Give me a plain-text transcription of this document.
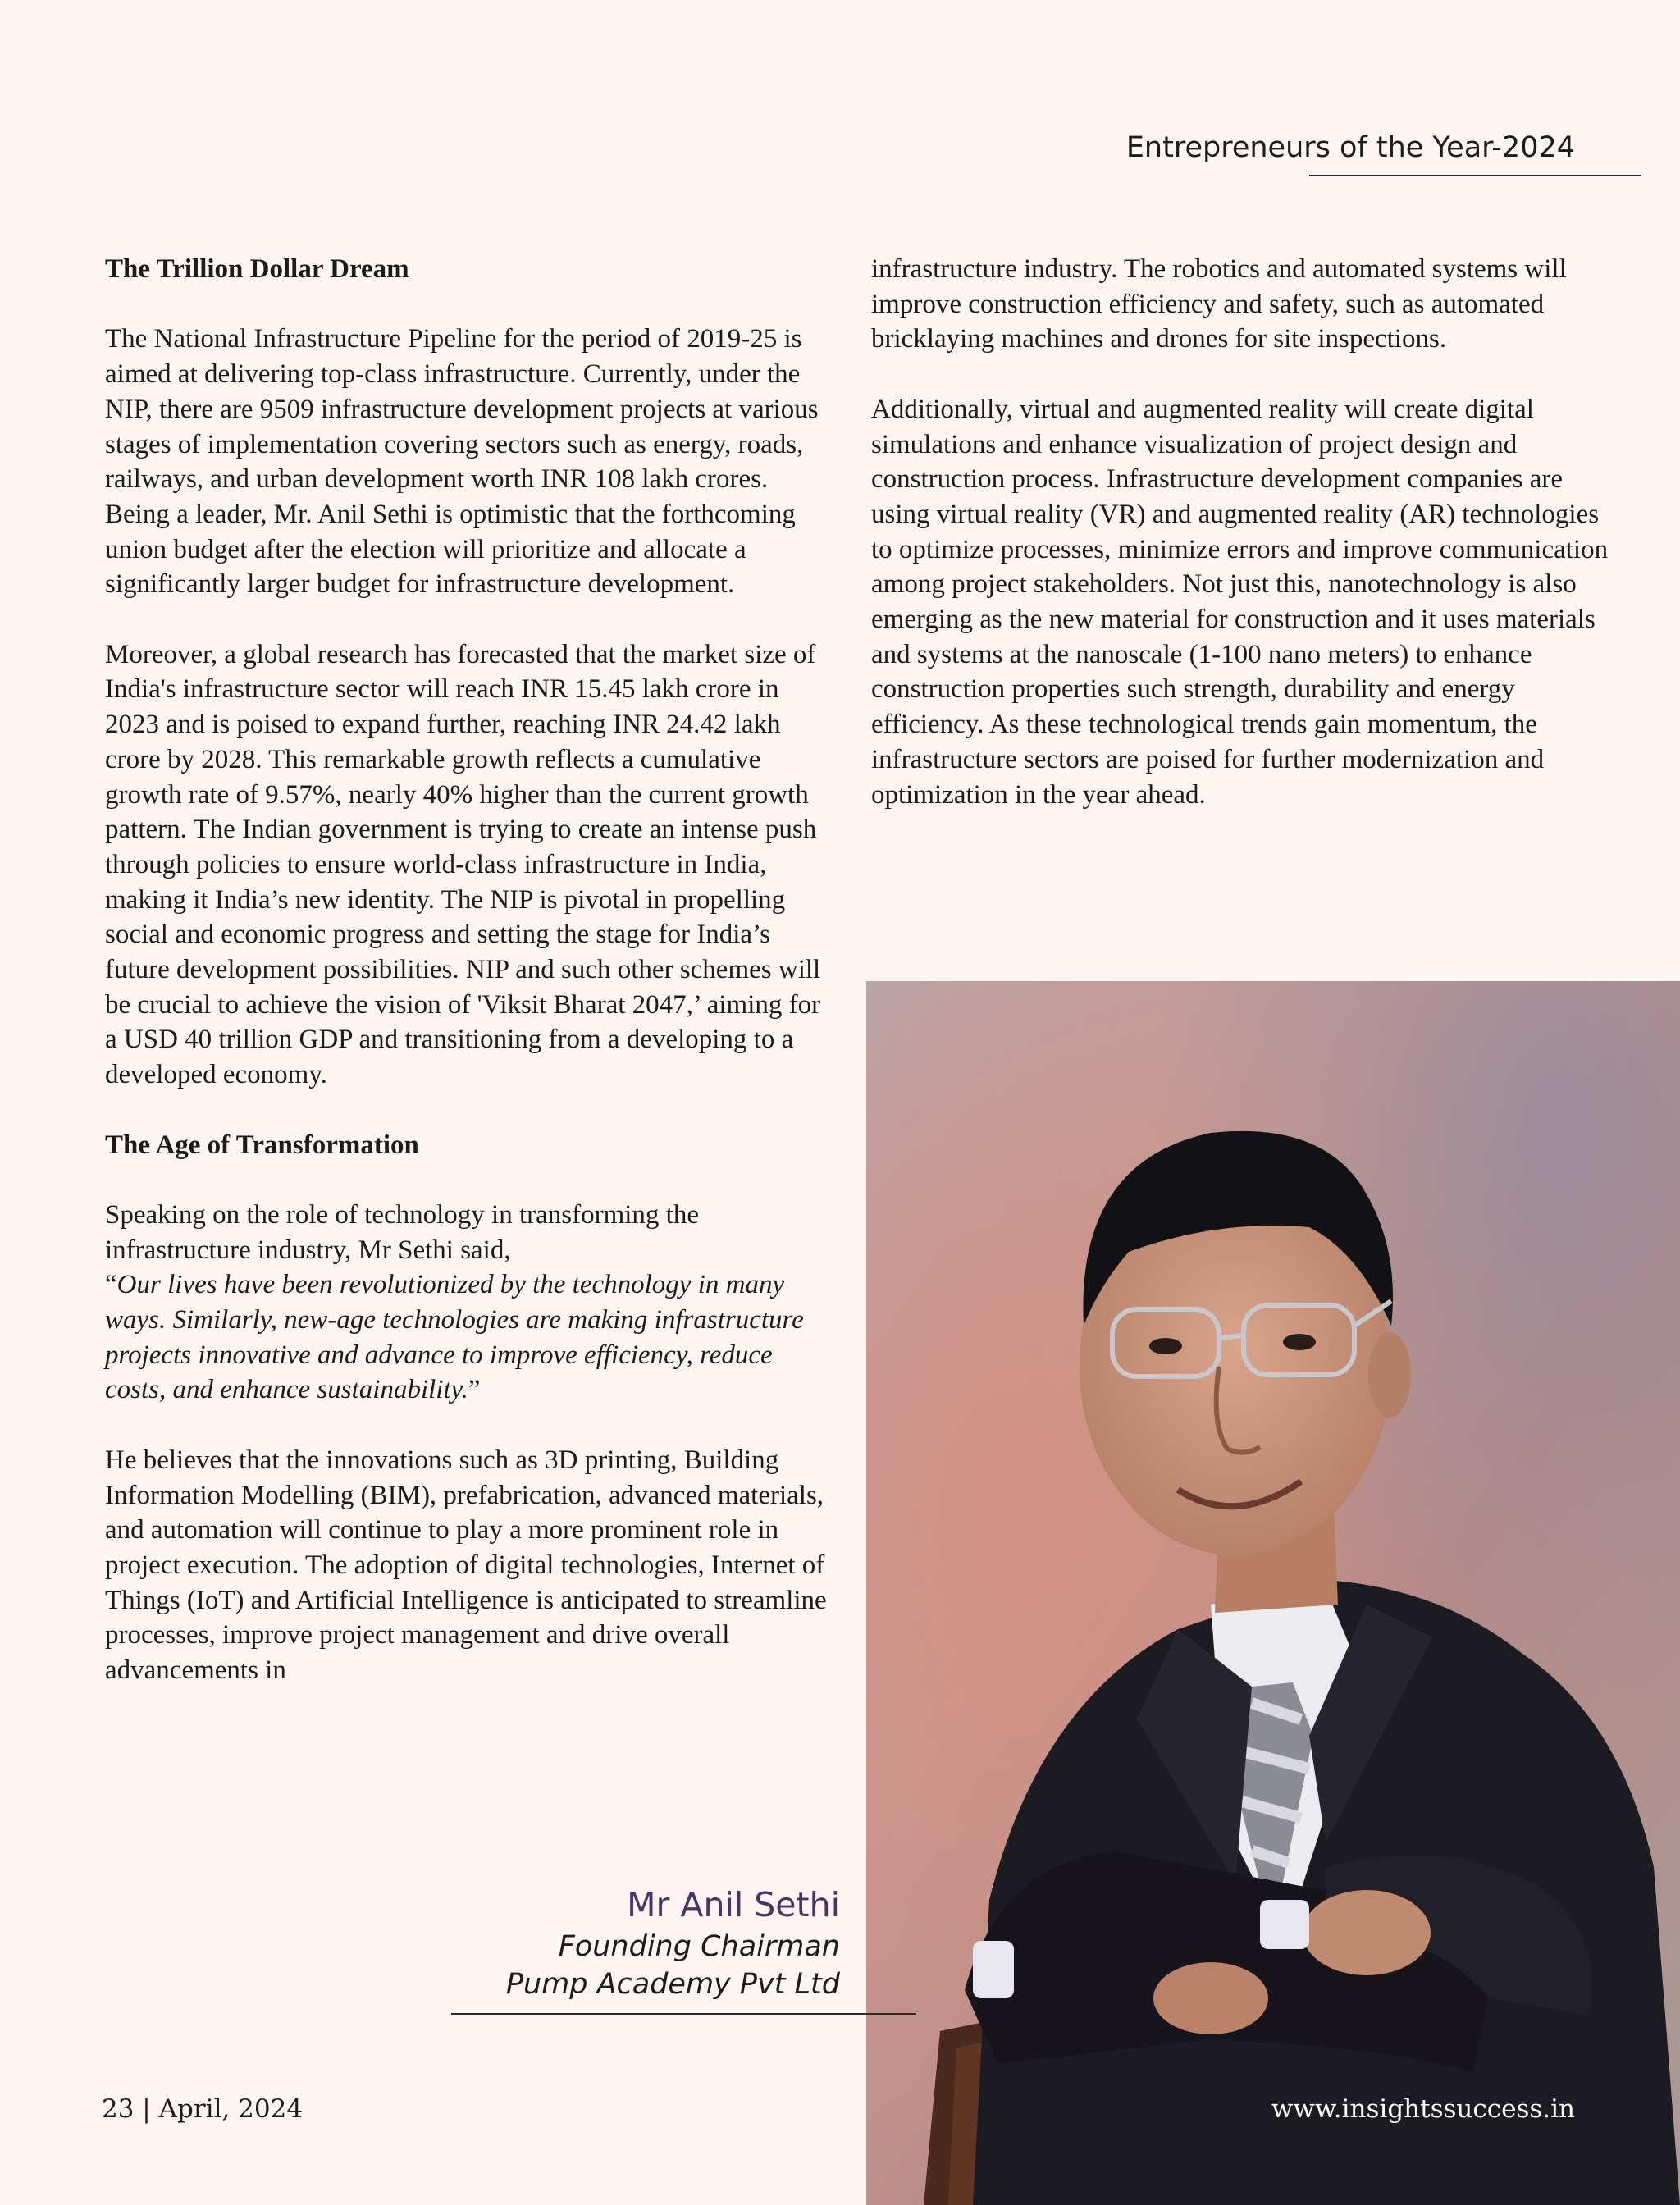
Entrepreneurs of the Year-2024
The Trillion Dollar Dream

The National Infrastructure Pipeline for the period of 2019-25 is aimed at delivering top-class infrastructure. Currently, under the NIP, there are 9509 infrastructure development projects at various stages of implementation covering sectors such as energy, roads, railways, and urban development worth INR 108 lakh crores. Being a leader, Mr. Anil Sethi is optimistic that the forthcoming union budget after the election will prioritize and allocate a significantly larger budget for infrastructure development.

Moreover, a global research has forecasted that the market size of India's infrastructure sector will reach INR 15.45 lakh crore in 2023 and is poised to expand further, reaching INR 24.42 lakh crore by 2028. This remarkable growth reflects a cumulative growth rate of 9.57%, nearly 40% higher than the current growth pattern. The Indian government is trying to create an intense push through policies to ensure world-class infrastructure in India, making it India’s new identity. The NIP is pivotal in propelling social and economic progress and setting the stage for India’s future development possibilities. NIP and such other schemes will be crucial to achieve the vision of 'Viksit Bharat 2047,’ aiming for a USD 40 trillion GDP and transitioning from a developing to a developed economy.

The Age of Transformation

Speaking on the role of technology in transforming the infrastructure industry, Mr Sethi said,

“Our lives have been revolutionized by the technology in many ways. Similarly, new-age technologies are making infrastructure projects innovative and advance to improve efficiency, reduce costs, and enhance sustainability.”

He believes that the innovations such as 3D printing, Building Information Modelling (BIM), prefabrication, advanced materials, and automation will continue to play a more prominent role in project execution. The adoption of digital technologies, Internet of Things (IoT) and Artificial Intelligence is anticipated to streamline processes, improve project management and drive overall advancements in

infrastructure industry. The robotics and automated systems will improve construction efficiency and safety, such as automated bricklaying machines and drones for site inspections.

Additionally, virtual and augmented reality will create digital simulations and enhance visualization of project design and construction process. Infrastructure development companies are using virtual reality (VR) and augmented reality (AR) technologies to optimize processes, minimize errors and improve communication among project stakeholders. Not just this, nanotechnology is also emerging as the new material for construction and it uses materials and systems at the nanoscale (1-100 nano meters) to enhance construction properties such strength, durability and energy efficiency. As these technological trends gain momentum, the infrastructure sectors are poised for further modernization and optimization in the year ahead.

Mr Anil Sethi
Founding Chairman
Pump Academy Pvt Ltd
23 | April, 2024	www.insightssuccess.in
